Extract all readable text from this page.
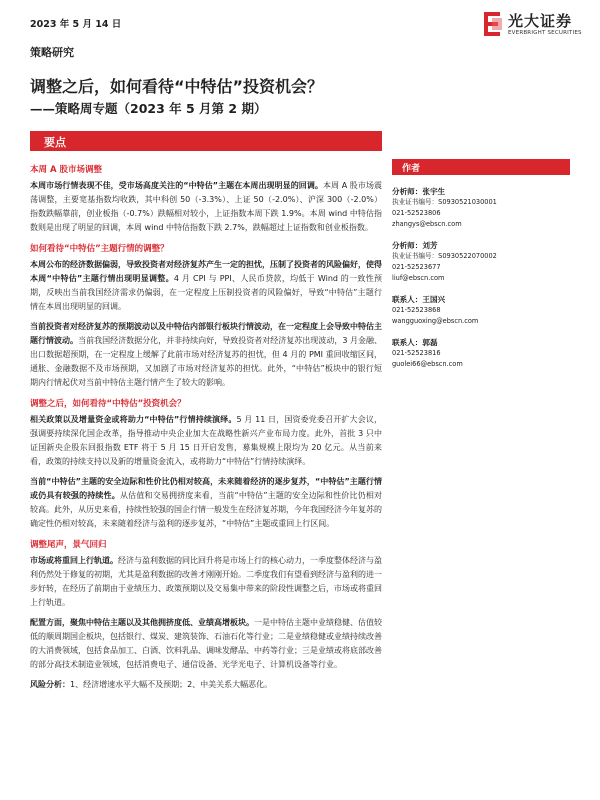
2023 年 5 月 14 日	光大证券
EVERBRIGHT SECURITIES
策略研究
调整之后，如何看待“中特估”投资机会？
——策略周专题（2023 年 5 月第 2 期）
要点
作者
本周 A 股市场调整
本周市场行情表现不佳，受市场高度关注的“中特估”主题在本周出现明显的回调。本周 A 股市场震荡调整，主要宽基指数均收跌，其中科创 50（-3.3%）、上证 50（-2.0%）、沪深 300（-2.0%）指数跌幅靠前，创业板指（-0.7%）跌幅相对较小，上证指数本周下跌 1.9%。本周 wind 中特估指数则是出现了明显的回调，本周 wind 中特估指数下跌 2.7%，跌幅超过上证指数和创业板指数。
如何看待“中特估”主题行情的调整？
本周公布的经济数据偏弱，导致投资者对经济复苏产生一定的担忧，压制了投资者的风险偏好，使得本周“中特估”主题行情出现明显调整。4 月 CPI 与 PPI、人民币贷款，均低于 Wind 的一致性预期，反映出当前我国经济需求仍偏弱，在一定程度上压制投资者的风险偏好，导致“中特估”主题行情在本周出现明显的回调。
当前投资者对经济复苏的预期波动以及中特估内部银行板块行情波动，在一定程度上会导致中特估主题行情波动。当前我国经济数据分化，并非持续向好，导致投资者对经济复苏出现波动，3 月金融、出口数据超预期，在一定程度上缓解了此前市场对经济复苏的担忧，但 4 月的 PMI 重回收缩区间，通胀、金融数据不及市场预期，又加剧了市场对经济复苏的担忧。此外，“中特估”板块中的银行短期内行情起伏对当前中特估主题行情产生了较大的影响。
调整之后，如何看待“中特估”投资机会？
相关政策以及增量资金或将助力“中特估”行情持续演绎。5 月 11 日，国资委党委召开扩大会议，强调要持续深化国企改革，指导推动中央企业加大在战略性新兴产业布局力度。此外，首批 3 只中证国新央企股东回报指数 ETF 将于 5 月 15 日开启发售，募集规模上限均为 20 亿元。从当前来看，政策的持续支持以及新的增量资金流入，或将助力“中特估”行情持续演绎。
当前“中特估”主题的安全边际和性价比仍相对较高，未来随着经济的逐步复苏，“中特估”主题行情或仍具有较强的持续性。从估值和交易拥挤度来看，当前“中特估”主题的安全边际和性价比仍相对较高。此外，从历史来看，持续性较强的国企行情一般发生在经济复苏期，今年我国经济今年复苏的确定性仍相对较高，未来随着经济与盈利的逐步复苏，“中特估”主题或重回上行区间。
调整尾声，景气回归
市场或将重回上行轨道。经济与盈利数据的同比回升将是市场上行的核心动力，一季度整体经济与盈利仍然处于修复的初期，尤其是盈利数据的改善才刚刚开始。二季度我们有望看到经济与盈利的进一步好转，在经历了前期由于业绩压力、政策预期以及交易集中带来的阶段性调整之后，市场或将重回上行轨道。
配置方面，聚焦中特估主题以及其他拥挤度低、业绩高增板块。一是中特估主题中业绩稳健、估值较低的顺周期国企板块，包括银行、煤炭、建筑装饰、石油石化等行业；二是业绩稳健或业绩持续改善的大消费领域，包括食品加工、白酒、饮料乳品、调味发酵品、中药等行业；三是业绩或将底部改善的部分高技术制造业领域，包括消费电子、通信设备、光学光电子、计算机设备等行业。
风险分析：1、经济增速水平大幅不及预期；2、中美关系大幅恶化。
分析师：张宇生
执业证书编号：S0930521030001
021-52523806
zhangys@ebscn.com
分析师：刘芳
执业证书编号：S0930522070002
021-52523677
liuf@ebscn.com
联系人：王国兴
021-52523868
wangguoxing@ebscn.com
联系人：郭磊
021-52523816
guolei66@ebscn.com
